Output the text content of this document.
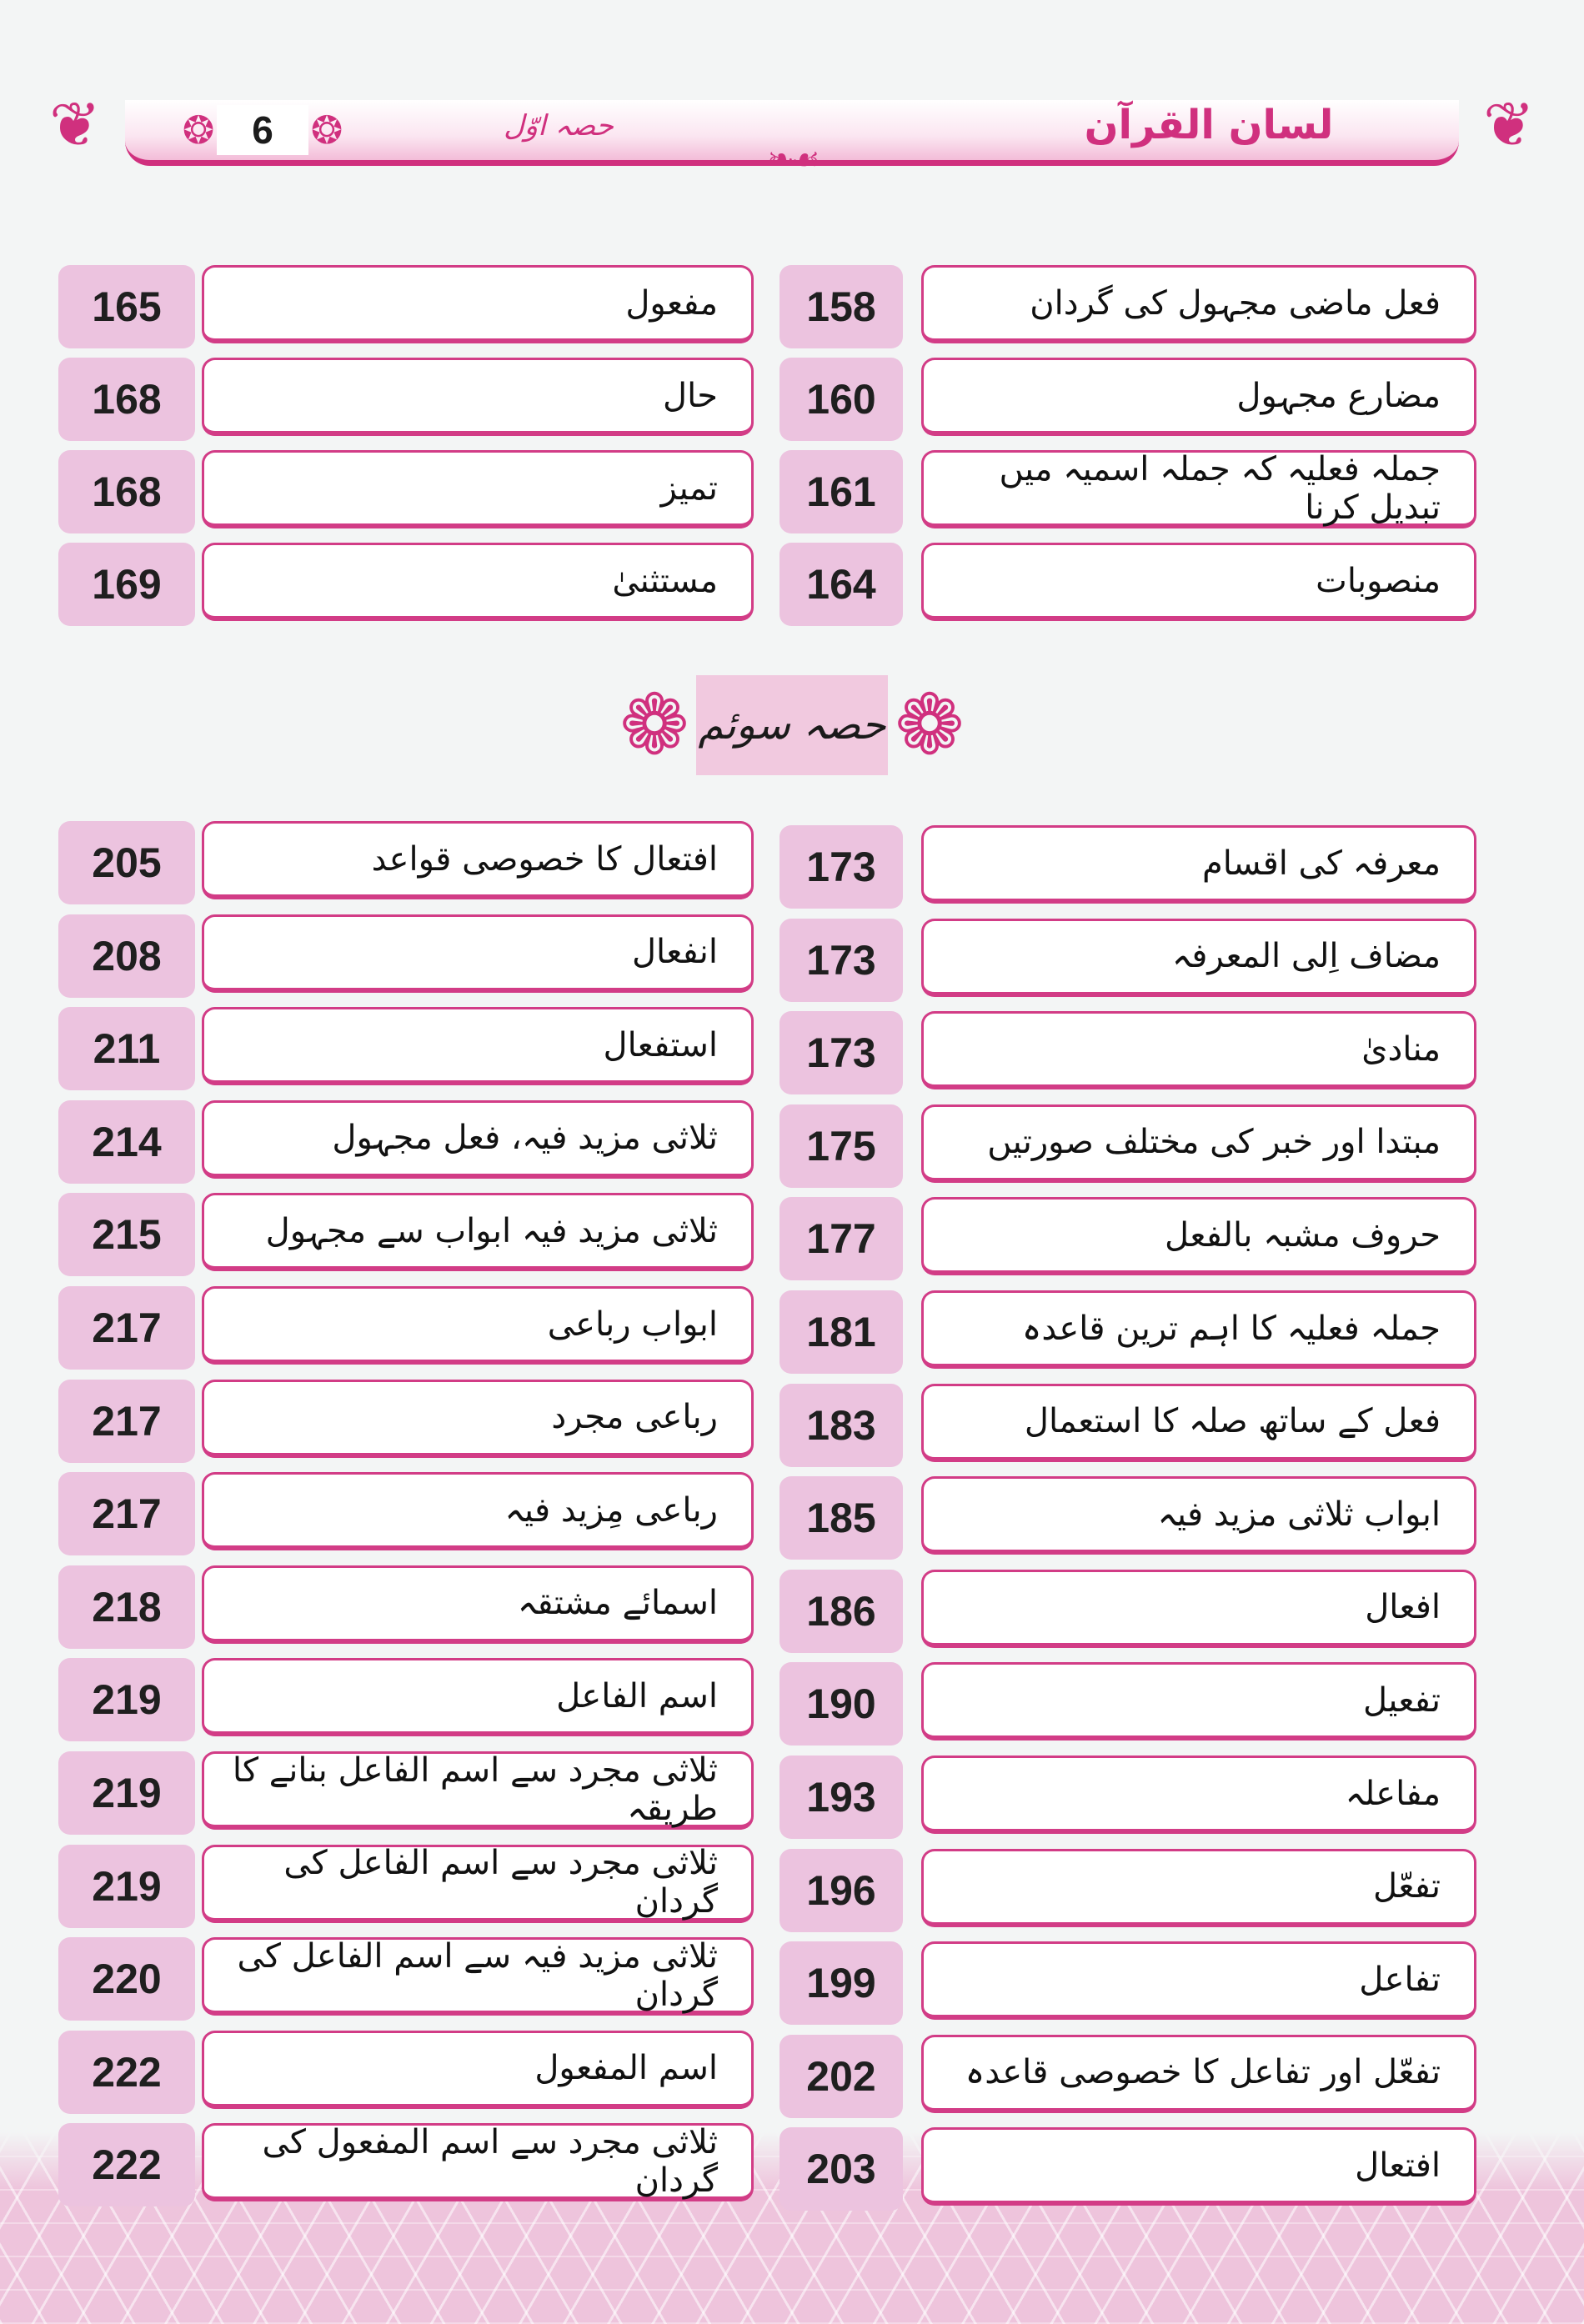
❦	❦
❧☙
❂ 6 ❂	حصہ اوّل	لسان القرآن
158	فعل ماضی مجہول کی گردان
160	مضارع مجہول
161	جملہ فعلیہ کہ جملہ اسمیہ میں تبدیل کرنا
164	منصوبات
165	مفعول
168	حال
168	تمیز
169	مستثنیٰ
❁ حصہ سوئم ❁
173	معرفہ کی اقسام
173	مضاف اِلی المعرفہ
173	منادیٰ
175	مبتدا اور خبر کی مختلف صورتیں
177	حروف مشبہ بالفعل
181	جملہ فعلیہ کا اہم ترین قاعدہ
183	فعل کے ساتھ صلہ کا استعمال
185	ابواب ثلاثی مزید فیہ
186	افعال
190	تفعیل
193	مفاعلہ
196	تفعّل
199	تفاعل
202	تفعّل اور تفاعل کا خصوصی قاعدہ
203	افتعال
205	افتعال کا خصوصی قواعد
208	انفعال
211	استفعال
214	ثلاثی مزید فیہ، فعل مجہول
215	ثلاثی مزید فیہ ابواب سے مجہول
217	ابواب رباعی
217	رباعی مجرد
217	رباعی مِزید فیہ
218	اسمائے مشتقہ
219	اسم الفاعل
219	ثلاثی مجرد سے اسم الفاعل بنانے کا طریقہ
219	ثلاثی مجرد سے اسم الفاعل کی گردان
220	ثلاثی مزید فیہ سے اسم الفاعل کی گردان
222	اسم المفعول
222	ثلاثی مجرد سے اسم المفعول کی گردان
